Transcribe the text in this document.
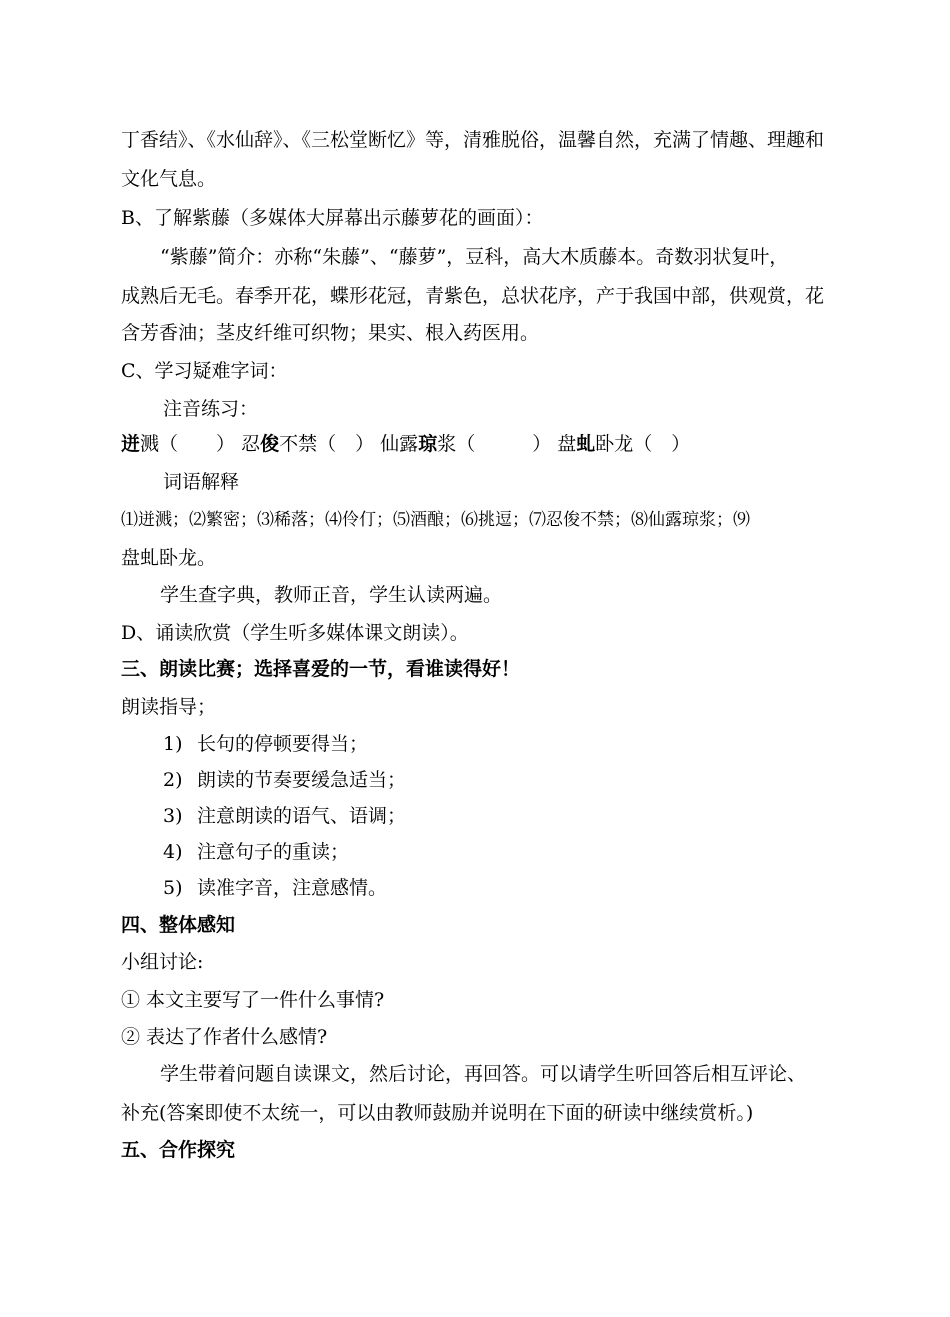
丁香结》、《水仙辞》、《三松堂断忆》等，清雅脱俗，温馨自然，充满了情趣、理趣和
文化气息。
B、了解紫藤（多媒体大屏幕出示藤萝花的画面）：
“紫藤”简介：亦称“朱藤”、“藤萝”，豆科，高大木质藤本。奇数羽状复叶，
成熟后无毛。春季开花，蝶形花冠，青紫色，总状花序，产于我国中部，供观赏，花
含芳香油；茎皮纤维可织物；果实、根入药医用。
C、学习疑难字词：
注音练习：
迸溅（　　） 忍俊不禁（　） 仙露琼浆（　　　） 盘虬卧龙（　）
词语解释
⑴迸溅；⑵繁密；⑶稀落；⑷伶仃；⑸酒酿；⑹挑逗；⑺忍俊不禁；⑻仙露琼浆；⑼
盘虬卧龙。
学生查字典，教师正音，学生认读两遍。
D、诵读欣赏（学生听多媒体课文朗读）。
三、朗读比赛；选择喜爱的一节，看谁读得好！
朗读指导；
1) 长句的停顿要得当；
2) 朗读的节奏要缓急适当；
3) 注意朗读的语气、语调；
4) 注意句子的重读；
5) 读准字音，注意感情。
四、整体感知
小组讨论:
① 本文主要写了一件什么事情?
② 表达了作者什么感情?
学生带着问题自读课文，然后讨论，再回答。可以请学生听回答后相互评论、
补充(答案即使不太统一，可以由教师鼓励并说明在下面的研读中继续赏析。)
五、合作探究
